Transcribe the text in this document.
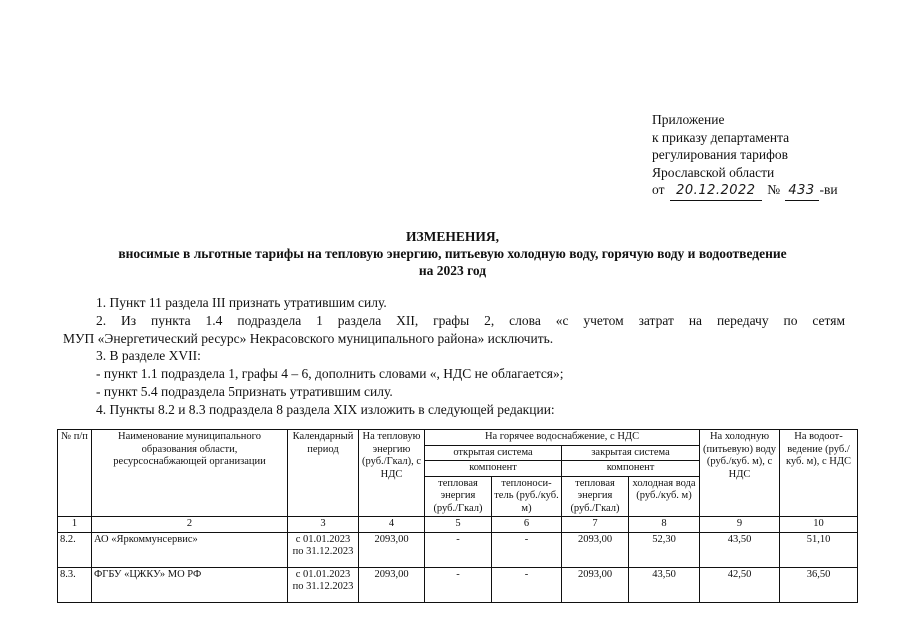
Приложение
к приказу департамента
регулирования тарифов
Ярославской области
от 20.12.2022 № 433 -ви
ИЗМЕНЕНИЯ,
вносимые в льготные тарифы на тепловую энергию, питьевую холодную воду, горячую воду и водоотведение
на 2023 год

1. Пункт 11 раздела III признать утратившим силу.

2. Из пункта 1.4 подраздела 1 раздела XII, графы 2, слова «с учетом затрат на передачу по сетям

МУП «Энергетический ресурс» Некрасовского муниципального района» исключить.

3. В разделе XVII:

- пункт 1.1 подраздела 1, графы 4 – 6, дополнить словами «, НДС не облагается»;

- пункт 5.4 подраздела 5признать утратившим силу.

4. Пункты 8.2 и 8.3 подраздела 8 раздела XIX изложить в следующей редакции:

№ п/п	Наименование муниципального образования области, ресурсоснабжающей организации	Календарный период	На тепловую энергию (руб./Гкал), с НДС	На горячее водоснабжение, с НДС				На холодную (питьевую) воду (руб./куб. м), с НДС	На водоот-ведение (руб./куб. м), с НДС
				открытая система		закрытая система			
				компонент		компонент			
				тепловая энергия (руб./Гкал)	теплоноси-тель (руб./куб. м)	тепловая энергия (руб./Гкал)	холодная вода (руб./куб. м)		
1	2	3	4	5	6	7	8	9	10
8.2.	АО «Яркоммунсервис»	с 01.01.2023
по 31.12.2023	2093,00	-	-	2093,00	52,30	43,50	51,10
8.3.	ФГБУ «ЦЖКУ» МО РФ	с 01.01.2023
по 31.12.2023	2093,00	-	-	2093,00	43,50	42,50	36,50
